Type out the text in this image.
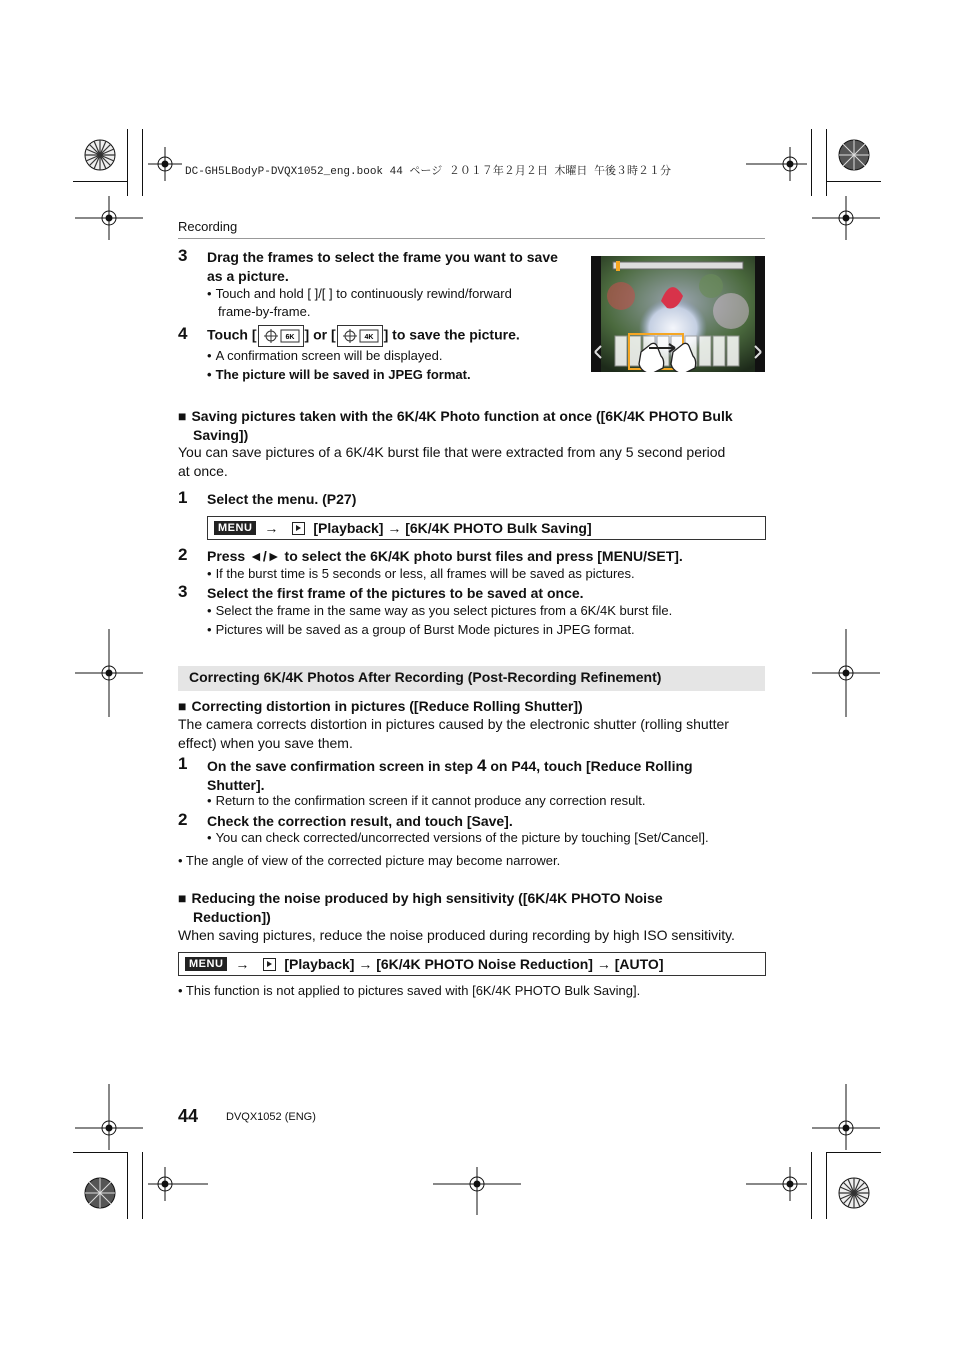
DC-GH5LBodyP-DVQX1052_eng.book 44 ページ ２０１７年２月２日 木曜日 午後３時２１分
Recording
3 Drag the frames to select the frame you want to save
as a picture.
• Touch and hold [ ]/[ ] to continuously rewind/forward
frame-by-frame.
4 Touch [	6K ] or [	4K ] to save the picture.
• A confirmation screen will be displayed.
• The picture will be saved in JPEG format.
■ Saving pictures taken with the 6K/4K Photo function at once ([6K/4K PHOTO Bulk
Saving])
You can save pictures of a 6K/4K burst file that were extracted from any 5 second period
at once.
1 Select the menu. (P27)
MENU →	[Playback] → [6K/4K PHOTO Bulk Saving]
2 Press ◄/► to select the 6K/4K photo burst files and press [MENU/SET].
• If the burst time is 5 seconds or less, all frames will be saved as pictures.
3 Select the first frame of the pictures to be saved at once.
• Select the frame in the same way as you select pictures from a 6K/4K burst file.
• Pictures will be saved as a group of Burst Mode pictures in JPEG format.
Correcting 6K/4K Photos After Recording (Post-Recording Refinement)
■ Correcting distortion in pictures ([Reduce Rolling Shutter])
The camera corrects distortion in pictures caused by the electronic shutter (rolling shutter
effect) when you save them.
1 On the save confirmation screen in step 4 on P44, touch [Reduce Rolling
Shutter].
• Return to the confirmation screen if it cannot produce any correction result.
2 Check the correction result, and touch [Save].
• You can check corrected/uncorrected versions of the picture by touching [Set/Cancel].
• The angle of view of the corrected picture may become narrower.
■ Reducing the noise produced by high sensitivity ([6K/4K PHOTO Noise
Reduction])
When saving pictures, reduce the noise produced during recording by high ISO sensitivity.
MENU →	[Playback] → [6K/4K PHOTO Noise Reduction] → [AUTO]
• This function is not applied to pictures saved with [6K/4K PHOTO Bulk Saving].
44	DVQX1052 (ENG)
